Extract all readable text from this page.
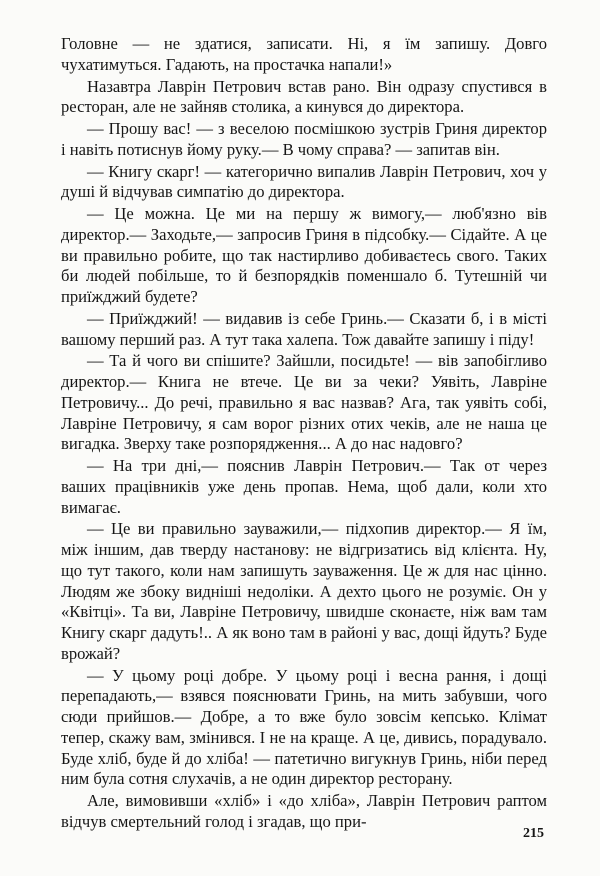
Головне — не здатися, записати. Ні, я їм запишу. Довго чухатимуться. Гадають, на простачка напали!»

Назавтра Лаврін Петрович встав рано. Він одразу спустився в ресторан, але не зайняв столика, а кинувся до директора.

— Прошу вас! — з веселою посмішкою зустрів Гриня директор і навіть потиснув йому руку.— В чому справа? — запитав він.

— Книгу скарг! — категорично випалив Лаврін Петрович, хоч у душі й відчував симпатію до директора.

— Це можна. Це ми на першу ж вимогу,— люб'язно вів директор.— Заходьте,— запросив Гриня в підсобку.— Сідайте. А це ви правильно робите, що так настирливо добиваєтесь свого. Таких би людей побільше, то й безпорядків поменшало б. Тутешній чи приїжджий будете?

— Приїжджий! — видавив із себе Гринь.— Сказати б, і в місті вашому перший раз. А тут така халепа. Тож давайте запишу і піду!

— Та й чого ви спішите? Зайшли, посидьте! — вів запобігливо директор.— Книга не втече. Це ви за чеки? Уявіть, Лавріне Петровичу... До речі, правильно я вас назвав? Ага, так уявіть собі, Лавріне Петровичу, я сам ворог різних отих чеків, але не наша це вигадка. Зверху таке розпорядження... А до нас надовго?

— На три дні,— пояснив Лаврін Петрович.— Так от через ваших працівників уже день пропав. Нема, щоб дали, коли хто вимагає.

— Це ви правильно зауважили,— підхопив директор.— Я їм, між іншим, дав тверду настанову: не відгризатись від клієнта. Ну, що тут такого, коли нам запишуть зауваження. Це ж для нас цінно. Людям же збоку видніші недоліки. А дехто цього не розуміє. Он у «Квітці». Та ви, Лавріне Петровичу, швидше сконаєте, ніж вам там Книгу скарг дадуть!.. А як воно там в районі у вас, дощі йдуть? Буде врожай?

— У цьому році добре. У цьому році і весна рання, і дощі перепадають,— взявся пояснювати Гринь, на мить забувши, чого сюди прийшов.— Добре, а то вже було зовсім кепсько. Клімат тепер, скажу вам, змінився. І не на краще. А це, дивись, порадувало. Буде хліб, буде й до хліба! — патетично вигукнув Гринь, ніби перед ним була сотня слухачів, а не один директор ресторану.

Але, вимовивши «хліб» і «до хліба», Лаврін Петрович раптом відчув смертельний голод і згадав, що при-

215
